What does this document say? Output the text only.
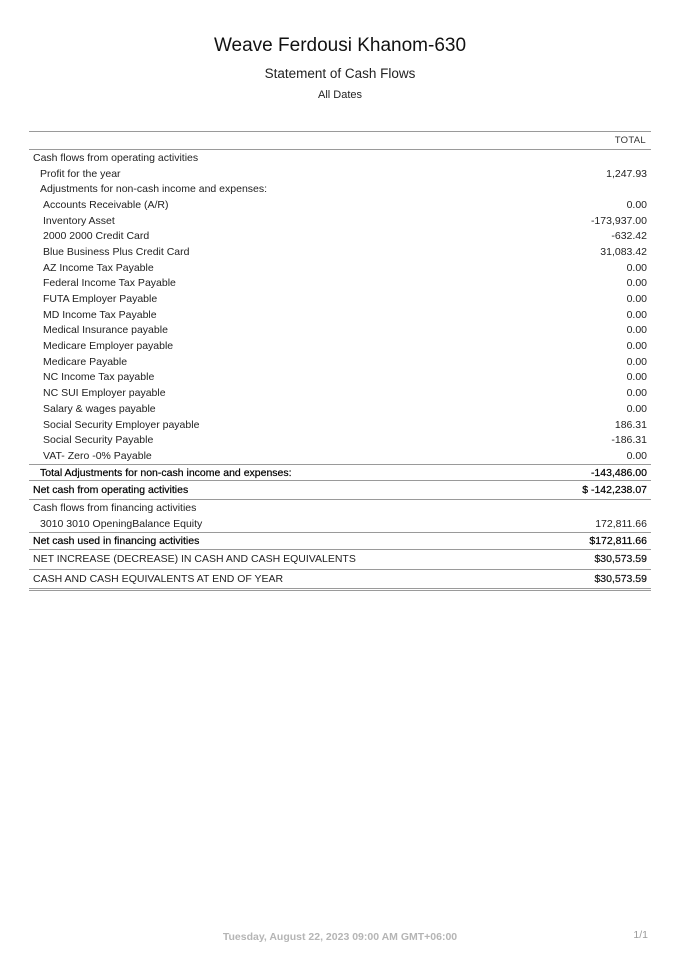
Weave Ferdousi Khanom-630
Statement of Cash Flows
All Dates
TOTAL
Cash flows from operating activities
Profit for the year	1,247.93
Adjustments for non-cash income and expenses:
Accounts Receivable (A/R)	0.00
Inventory Asset	-173,937.00
2000 2000 Credit Card	-632.42
Blue Business Plus Credit Card	31,083.42
AZ Income Tax Payable	0.00
Federal Income Tax Payable	0.00
FUTA Employer Payable	0.00
MD Income Tax Payable	0.00
Medical Insurance payable	0.00
Medicare Employer payable	0.00
Medicare Payable	0.00
NC Income Tax payable	0.00
NC SUI Employer payable	0.00
Salary & wages payable	0.00
Social Security Employer payable	186.31
Social Security Payable	-186.31
VAT- Zero -0% Payable	0.00
Total Adjustments for non-cash income and expenses:	-143,486.00
Net cash from operating activities	$ -142,238.07
Cash flows from financing activities
3010 3010 OpeningBalance Equity	172,811.66
Net cash used in financing activities	$172,811.66
NET INCREASE (DECREASE) IN CASH AND CASH EQUIVALENTS	$30,573.59
CASH AND CASH EQUIVALENTS AT END OF YEAR	$30,573.59
Tuesday, August 22, 2023 09:00 AM GMT+06:00	1/1
